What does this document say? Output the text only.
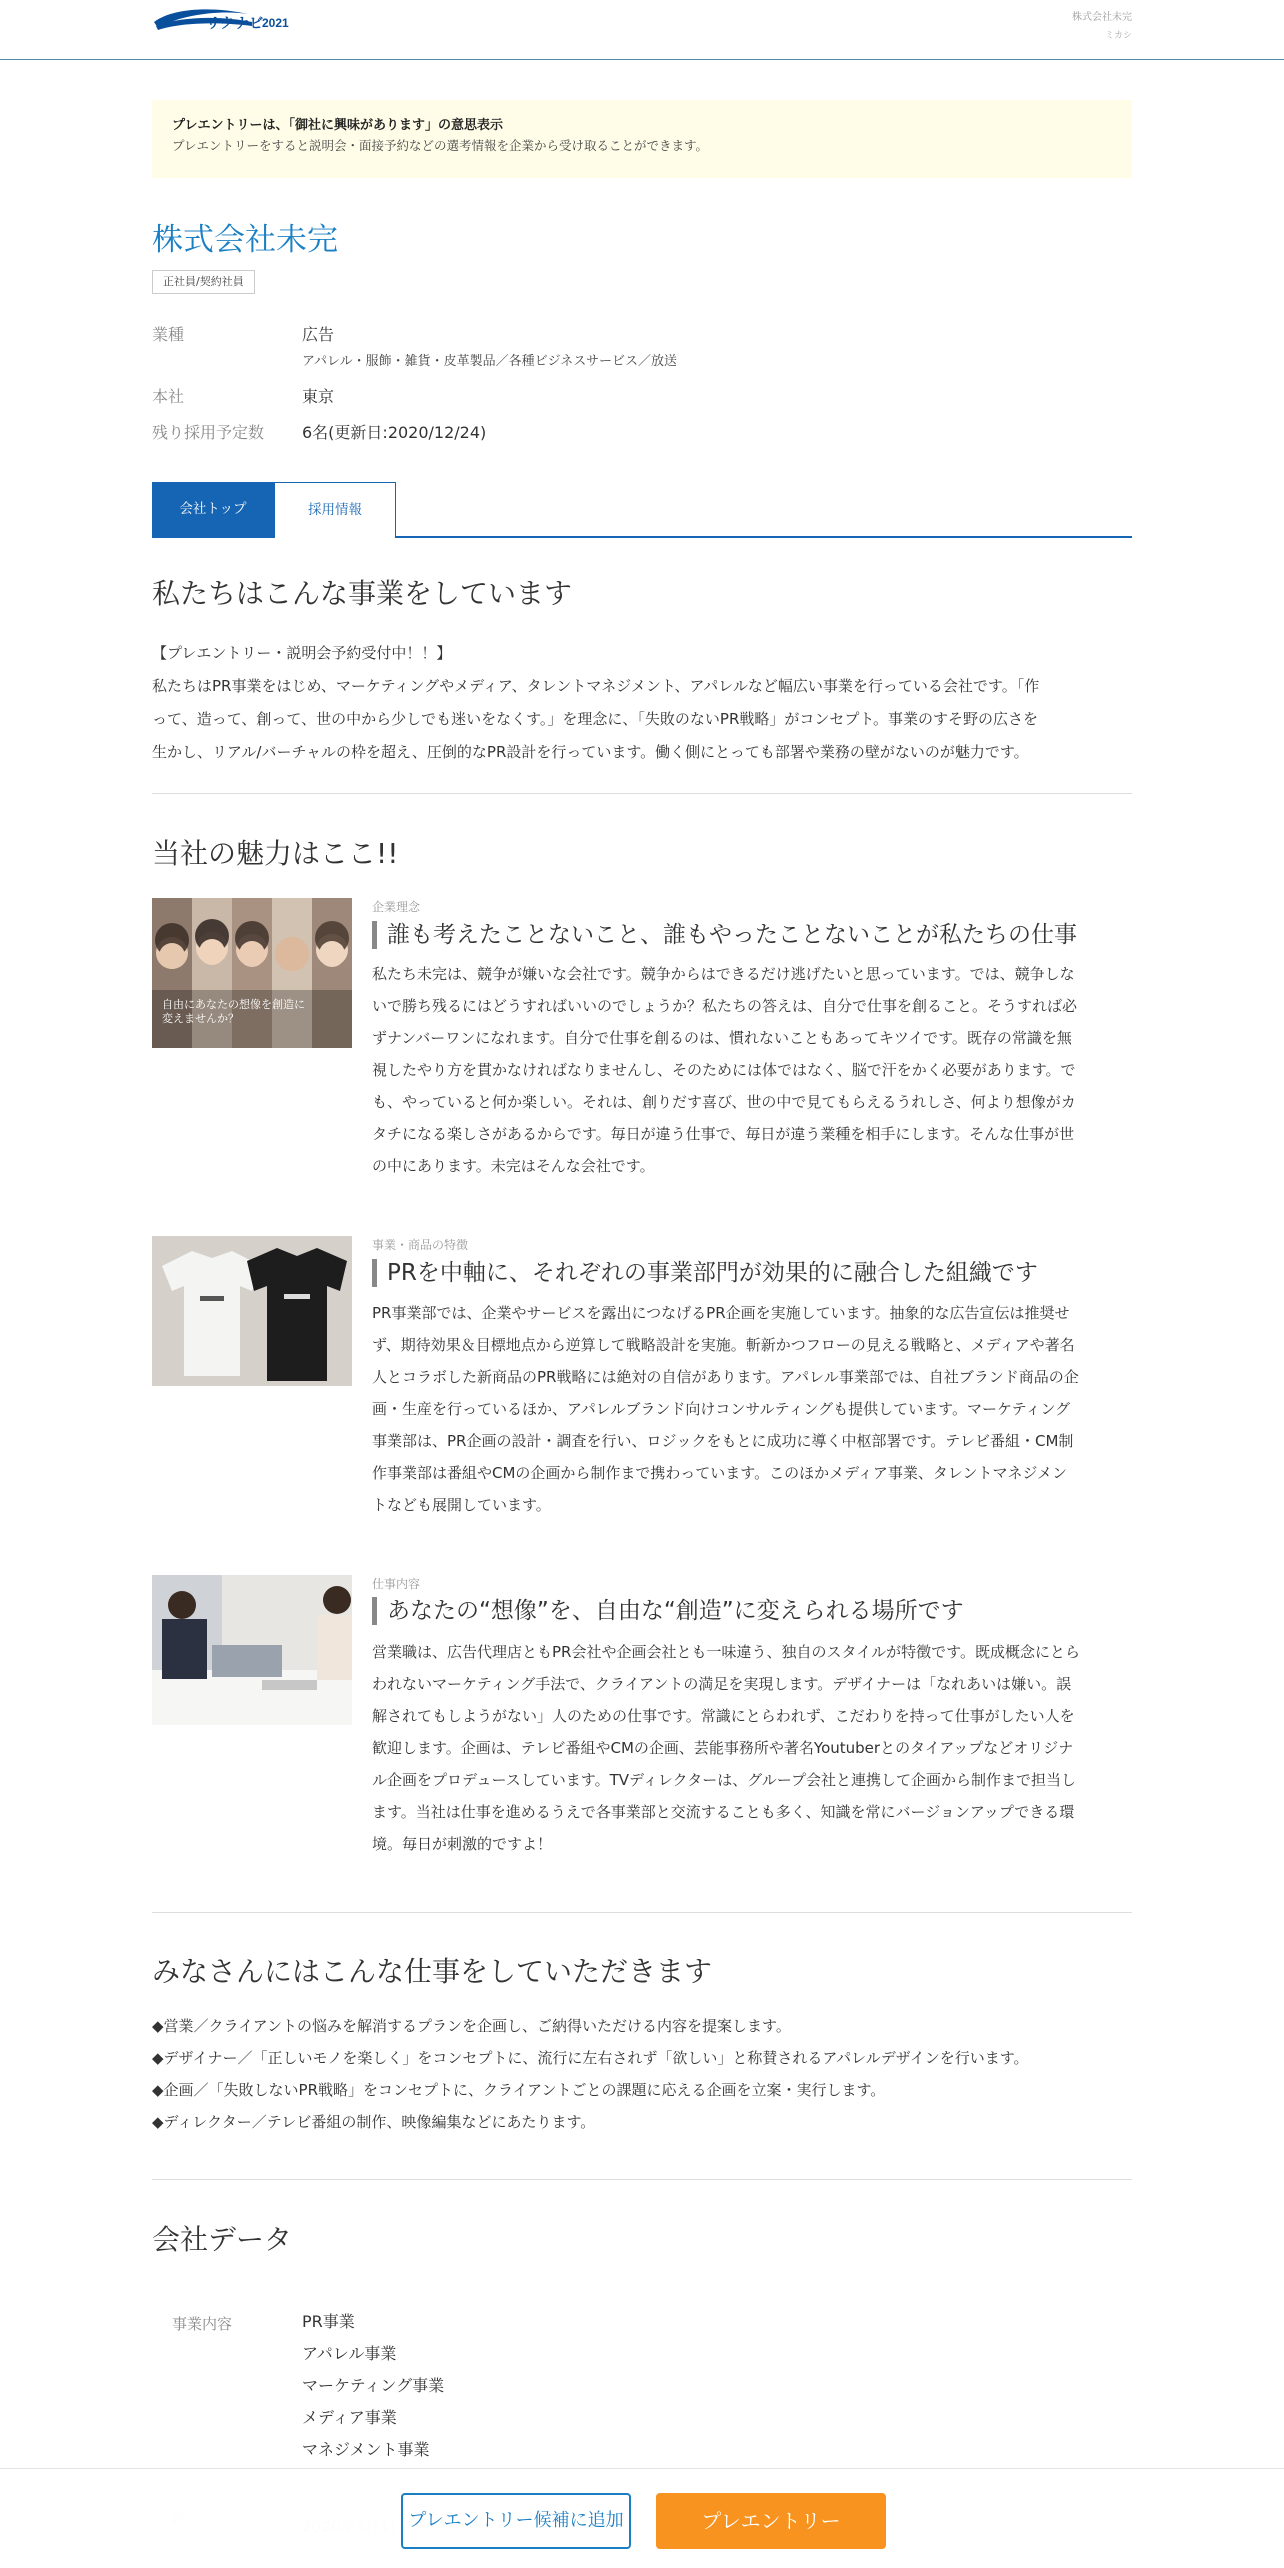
リクナビ
2021	株式会社未完
ミカシ
プレエントリーは、「御社に興味があります」の意思表示
プレエントリーをすると説明会・面接予約などの選考情報を企業から受け取ることができます。
株式会社未完
正社員/契約社員
業種	広告
アパレル・服飾・雑貨・皮革製品／各種ビジネスサービス／放送
本社	東京
残り採用予定数 6名(更新日:2020/12/24)
会社トップ	採用情報
私たちはこんな事業をしています
【プレエントリー・説明会予約受付中！！】
私たちはPR事業をはじめ、マーケティングやメディア、タレントマネジメント、アパレルなど幅広い事業を行っている会社です。「作
って、造って、創って、世の中から少しでも迷いをなくす。」を理念に、「失敗のないPR戦略」がコンセプト。事業のすそ野の広さを
生かし、リアル/バーチャルの枠を超え、圧倒的なPR設計を行っています。働く側にとっても部署や業務の壁がないのが魅力です。
当社の魅力はここ!!
自由にあなたの想像を創造に
変えませんか？
企業理念
誰も考えたことないこと、誰もやったことないことが私たちの仕事
私たち未完は、競争が嫌いな会社です。競争からはできるだけ逃げたいと思っています。では、競争しな
いで勝ち残るにはどうすればいいのでしょうか？私たちの答えは、自分で仕事を創ること。そうすれば必
ずナンバーワンになれます。自分で仕事を創るのは、慣れないこともあってキツイです。既存の常識を無
視したやり方を貫かなければなりませんし、そのためには体ではなく、脳で汗をかく必要があります。で
も、やっていると何か楽しい。それは、創りだす喜び、世の中で見てもらえるうれしさ、何より想像がカ
タチになる楽しさがあるからです。毎日が違う仕事で、毎日が違う業種を相手にします。そんな仕事が世
の中にあります。未完はそんな会社です。
事業・商品の特徴
PRを中軸に、それぞれの事業部門が効果的に融合した組織です
PR事業部では、企業やサービスを露出につなげるPR企画を実施しています。抽象的な広告宣伝は推奨せ
ず、期待効果＆目標地点から逆算して戦略設計を実施。斬新かつフローの見える戦略と、メディアや著名
人とコラボした新商品のPR戦略には絶対の自信があります。アパレル事業部では、自社ブランド商品の企
画・生産を行っているほか、アパレルブランド向けコンサルティングも提供しています。マーケティング
事業部は、PR企画の設計・調査を行い、ロジックをもとに成功に導く中枢部署です。テレビ番組・CM制
作事業部は番組やCMの企画から制作まで携わっています。このほかメディア事業、タレントマネジメン
トなども展開しています。
仕事内容
あなたの“想像”を、自由な“創造”に変えられる場所です
営業職は、広告代理店ともPR会社や企画会社とも一味違う、独自のスタイルが特徴です。既成概念にとら
われないマーケティング手法で、クライアントの満足を実現します。デザイナーは「なれあいは嫌い。誤
解されてもしようがない」人のための仕事です。常識にとらわれず、こだわりを持って仕事がしたい人を
歓迎します。企画は、テレビ番組やCMの企画、芸能事務所や著名Youtuberとのタイアップなどオリジナ
ル企画をプロデュースしています。TVディレクターは、グループ会社と連携して企画から制作まで担当し
ます。当社は仕事を進めるうえで各事業部と交流することも多く、知識を常にバージョンアップできる環
境。毎日が刺激的ですよ！
みなさんにはこんな仕事をしていただきます
◆営業／クライアントの悩みを解消するプランを企画し、ご納得いただける内容を提案します。
◆デザイナー／「正しいモノを楽しく」をコンセプトに、流行に左右されず「欲しい」と称賛されるアパレルデザインを行います。
◆企画／「失敗しないPR戦略」をコンセプトに、クライアントごとの課題に応える企画を立案・実行します。
◆ディレクター／テレビ番組の制作、映像編集などにあたります。
会社データ
事業内容	PR事業
アパレル事業
マーケティング事業
メディア事業
マネジメント事業
プレエントリー候補に追加	プレエントリー
